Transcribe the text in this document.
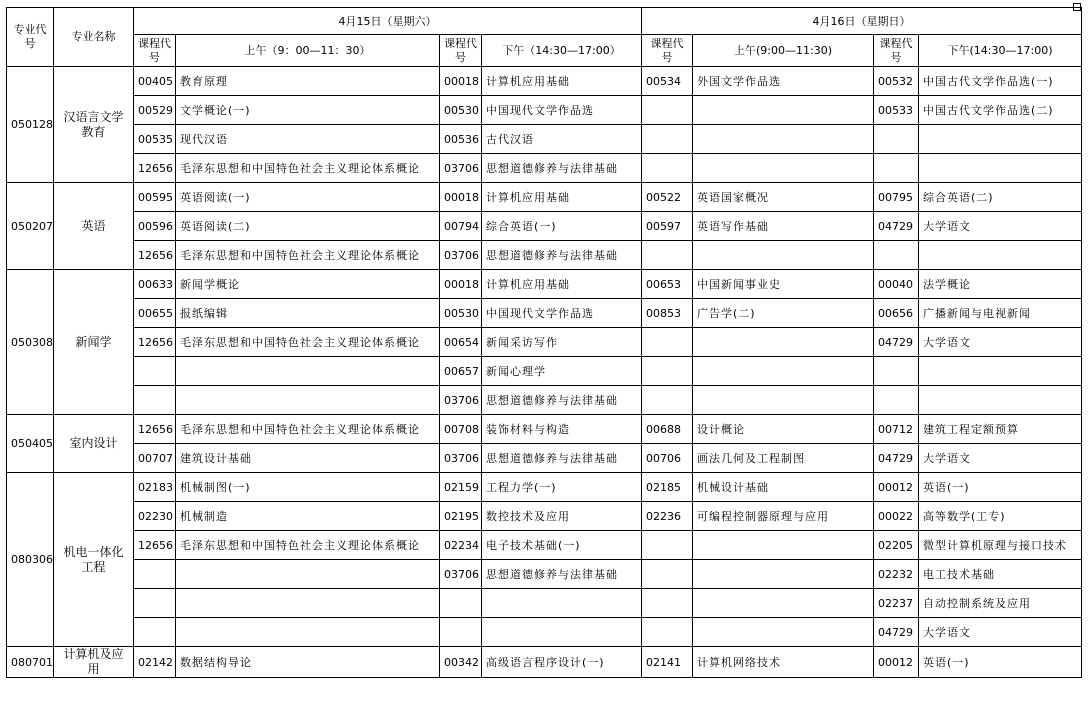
专业代号	专业名称	4月15日（星期六）				4月16日（星期日）			
		课程代号	上午（9：00—11：30）	课程代号	下午（14:30—17:00）	课程代号	上午(9:00—11:30)	课程代号	下午(14:30—17:00)
050128	汉语言文学教育	00405	教育原理	00018	计算机应用基础	00534	外国文学作品选	00532	中国古代文学作品选(一)
		00529	文学概论(一)	00530	中国现代文学作品选			00533	中国古代文学作品选(二)
		00535	现代汉语	00536	古代汉语				
		12656	毛泽东思想和中国特色社会主义理论体系概论	03706	思想道德修养与法律基础				
050207	英语	00595	英语阅读(一)	00018	计算机应用基础	00522	英语国家概况	00795	综合英语(二)
		00596	英语阅读(二)	00794	综合英语(一)	00597	英语写作基础	04729	大学语文
		12656	毛泽东思想和中国特色社会主义理论体系概论	03706	思想道德修养与法律基础				
050308	新闻学	00633	新闻学概论	00018	计算机应用基础	00653	中国新闻事业史	00040	法学概论
		00655	报纸编辑	00530	中国现代文学作品选	00853	广告学(二)	00656	广播新闻与电视新闻
		12656	毛泽东思想和中国特色社会主义理论体系概论	00654	新闻采访写作			04729	大学语文
				00657	新闻心理学				
				03706	思想道德修养与法律基础				
050405	室内设计	12656	毛泽东思想和中国特色社会主义理论体系概论	00708	装饰材料与构造	00688	设计概论	00712	建筑工程定额预算
		00707	建筑设计基础	03706	思想道德修养与法律基础	00706	画法几何及工程制图	04729	大学语文
080306	机电一体化工程	02183	机械制图(一)	02159	工程力学(一)	02185	机械设计基础	00012	英语(一)
		02230	机械制造	02195	数控技术及应用	02236	可编程控制器原理与应用	00022	高等数学(工专)
		12656	毛泽东思想和中国特色社会主义理论体系概论	02234	电子技术基础(一)			02205	微型计算机原理与接口技术
				03706	思想道德修养与法律基础			02232	电工技术基础
								02237	自动控制系统及应用
								04729	大学语文
080701	计算机及应用	02142	数据结构导论	00342	高级语言程序设计(一)	02141	计算机网络技术	00012	英语(一)
